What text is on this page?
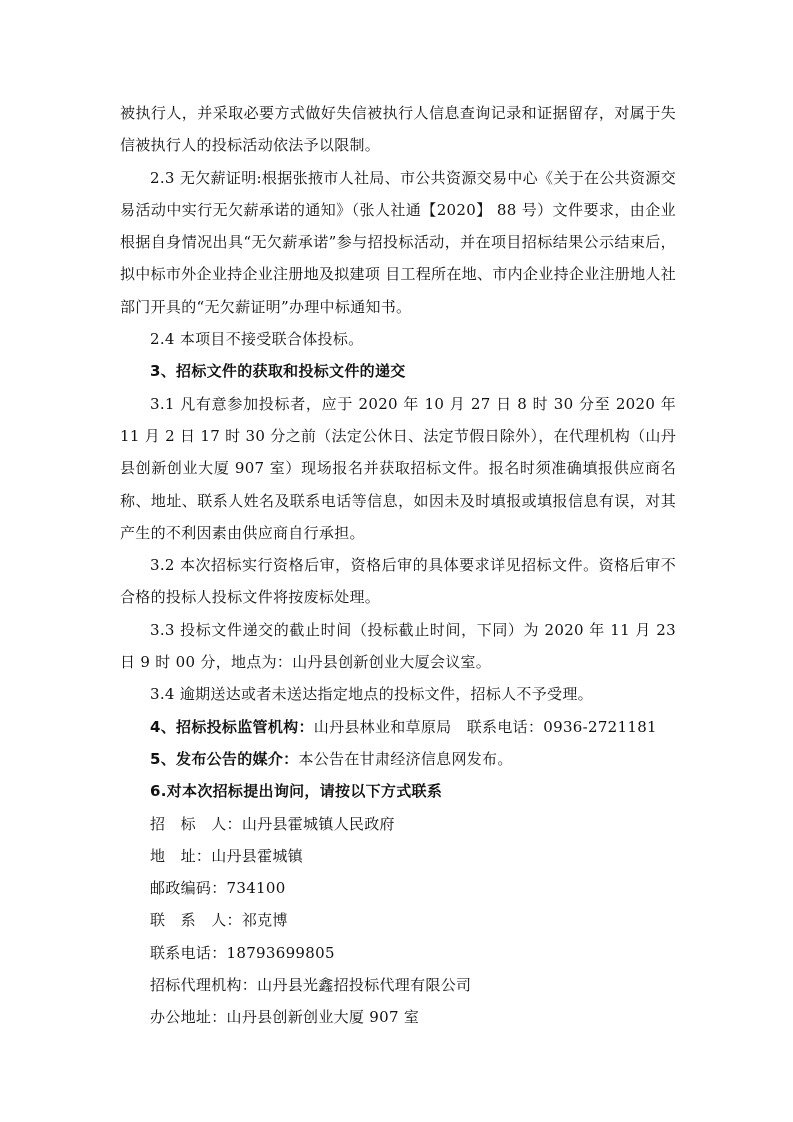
被执行人，并采取必要方式做好失信被执行人信息查询记录和证据留存，对属于失信被执行人的投标活动依法予以限制。

2.3 无欠薪证明:根据张掖市人社局、市公共资源交易中心《关于在公共资源交易活动中实行无欠薪承诺的通知》（张人社通【2020】 88 号）文件要求，由企业根据自身情况出具“无欠薪承诺”参与招投标活动，并在项目招标结果公示结束后，拟中标市外企业持企业注册地及拟建项 目工程所在地、市内企业持企业注册地人社部门开具的“无欠薪证明”办理中标通知书。

2.4 本项目不接受联合体投标。

3、招标文件的获取和投标文件的递交

3.1 凡有意参加投标者，应于 2020 年 10 月 27 日 8 时 30 分至 2020 年 11 月 2 日 17 时 30 分之前（法定公休日、法定节假日除外），在代理机构（山丹县创新创业大厦 907 室）现场报名并获取招标文件。报名时须准确填报供应商名称、地址、联系人姓名及联系电话等信息，如因未及时填报或填报信息有误，对其产生的不利因素由供应商自行承担。

3.2 本次招标实行资格后审，资格后审的具体要求详见招标文件。资格后审不合格的投标人投标文件将按废标处理。

3.3 投标文件递交的截止时间（投标截止时间，下同）为 2020 年 11 月 23 日 9 时 00 分，地点为：山丹县创新创业大厦会议室。

3.4 逾期送达或者未送达指定地点的投标文件，招标人不予受理。

4、招标投标监管机构：山丹县林业和草原局　联系电话：0936-2721181

5、发布公告的媒介：本公告在甘肃经济信息网发布。

6.对本次招标提出询问，请按以下方式联系

招　标　人：山丹县霍城镇人民政府

地　址：山丹县霍城镇

邮政编码：734100

联　系　人：祁克博

联系电话：18793699805

招标代理机构：山丹县光鑫招投标代理有限公司

办公地址：山丹县创新创业大厦 907 室
